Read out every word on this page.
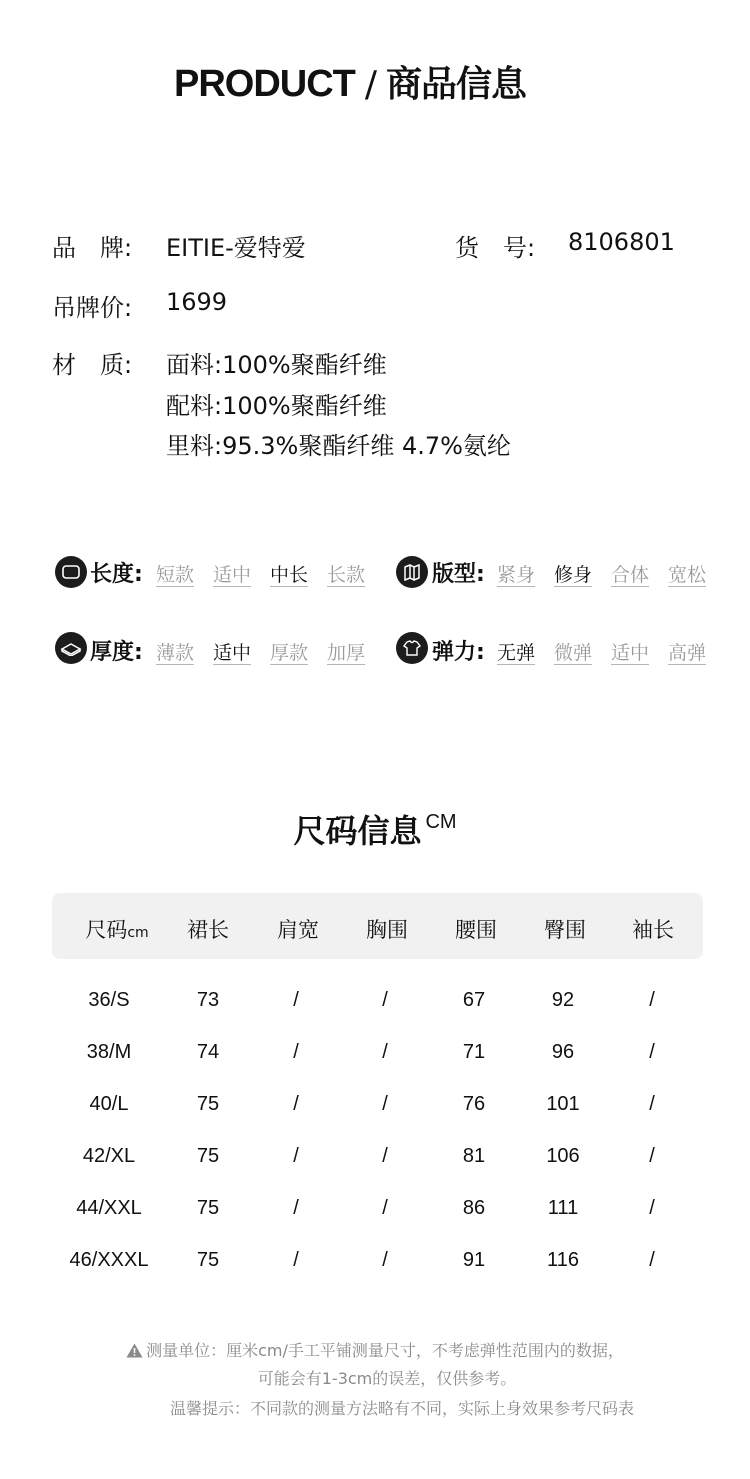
PRODUCT / 商品信息
品　牌: EITIE-爱特爱	货　号: 8106801
吊牌价: 1699
材　质: 面料:100%聚酯纤维
配料:100%聚酯纤维
里料:95.3%聚酯纤维 4.7%氨纶
长度: 短款 适中 中长 长款	版型: 紧身 修身 合体 宽松
厚度: 薄款 适中 厚款 加厚	弹力: 无弹 微弹 适中 高弹
尺码信息 $^{CM}$
尺码cm 裙长 肩宽 胸围 腰围 臀围 袖长
36/S	73	/	/	67	92	/
38/M	74	/	/	71	96	/
40/L	75	/	/	76	101	/
42/XL	75	/	/	81	106	/
44/XXL	75	/	/	86	111	/
46/XXXL 75	/	/	91	116	/
测量单位：厘米cm/手工平铺测量尺寸，不考虑弹性范围内的数据，
可能会有1-3cm的误差，仅供参考。
温馨提示：不同款的测量方法略有不同，实际上身效果参考尺码表
